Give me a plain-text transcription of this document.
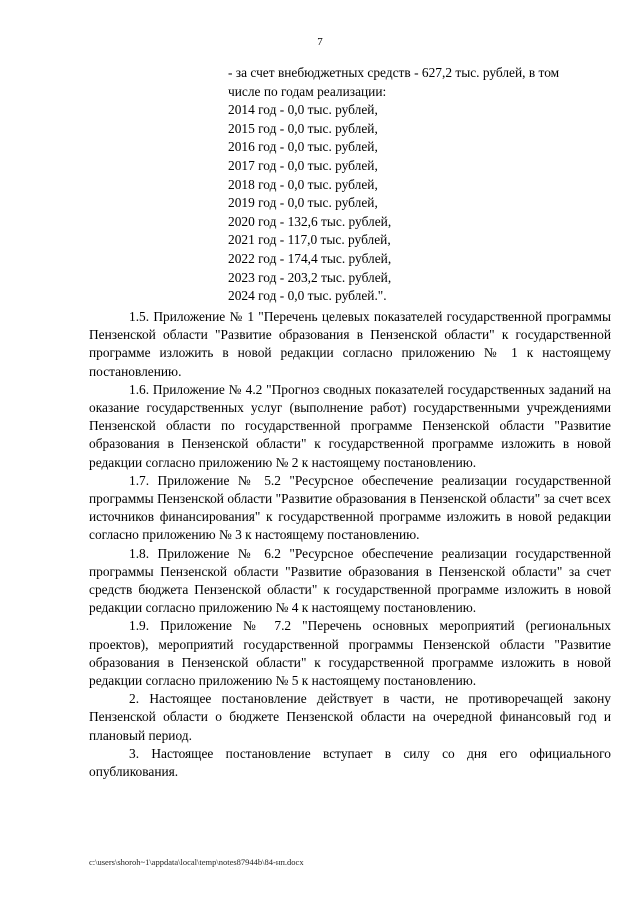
7
- за счет внебюджетных средств - 627,2 тыс. рублей, в том
числе по годам реализации:
2014 год - 0,0 тыс. рублей,
2015 год - 0,0 тыс. рублей,
2016 год - 0,0 тыс. рублей,
2017 год - 0,0 тыс. рублей,
2018 год - 0,0 тыс. рублей,
2019 год - 0,0 тыс. рублей,
2020 год - 132,6 тыс. рублей,
2021 год - 117,0 тыс. рублей,
2022 год - 174,4 тыс. рублей,
2023 год - 203,2 тыс. рублей,
2024 год - 0,0 тыс. рублей.".

1.5. Приложение № 1 "Перечень целевых показателей государственной программы Пензенской области "Развитие образования в Пензенской области" к государственной программе изложить в новой редакции согласно приложению № 1 к настоящему постановлению.

1.6. Приложение № 4.2 "Прогноз сводных показателей государственных заданий на оказание государственных услуг (выполнение работ) государственными учреждениями Пензенской области по государственной программе Пензенской области "Развитие образования в Пензенской области" к государственной программе изложить в новой редакции согласно приложению № 2 к настоящему постановлению.

1.7. Приложение № 5.2 "Ресурсное обеспечение реализации государственной программы Пензенской области "Развитие образования в Пензенской области" за счет всех источников финансирования" к государственной программе изложить в новой редакции согласно приложению № 3 к настоящему постановлению.

1.8. Приложение № 6.2 "Ресурсное обеспечение реализации государственной программы Пензенской области "Развитие образования в Пензенской области" за счет средств бюджета Пензенской области" к государственной программе изложить в новой редакции согласно приложению № 4 к настоящему постановлению.

1.9. Приложение № 7.2 "Перечень основных мероприятий (региональных проектов), мероприятий государственной программы Пензенской области "Развитие образования в Пензенской области" к государственной программе изложить в новой редакции согласно приложению № 5 к настоящему постановлению.

2. Настоящее постановление действует в части, не противоречащей закону Пензенской области о бюджете Пензенской области на очередной финансовый год и плановый период.

3. Настоящее постановление вступает в силу со дня его официального опубликования.

c:\users\shoroh~1\appdata\local\temp\notes87944b\84-нп.docx
